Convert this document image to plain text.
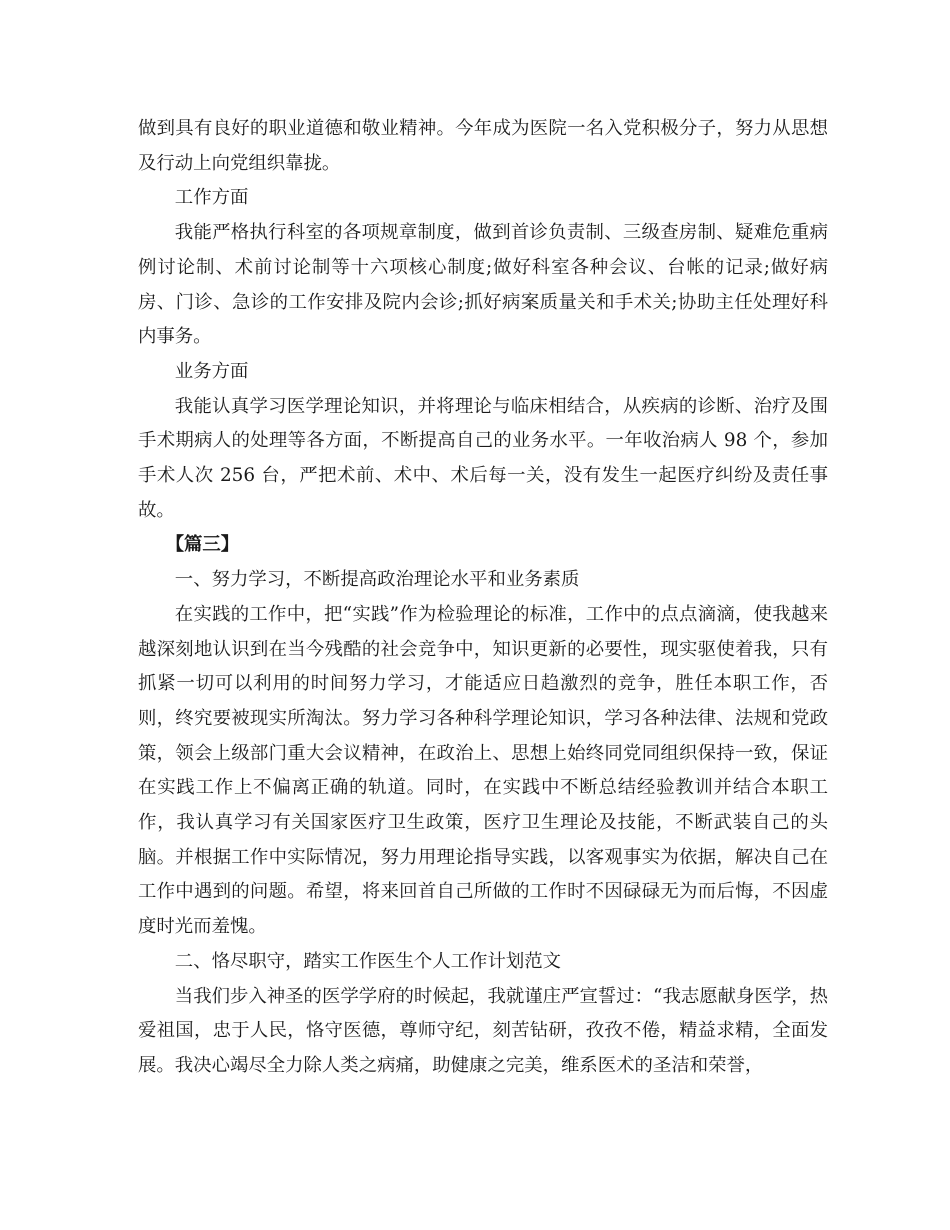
做到具有良好的职业道德和敬业精神。今年成为医院一名入党积极分子，努力从思想及行动上向党组织靠拢。

工作方面

我能严格执行科室的各项规章制度，做到首诊负责制、三级查房制、疑难危重病例讨论制、术前讨论制等十六项核心制度;做好科室各种会议、台帐的记录;做好病房、门诊、急诊的工作安排及院内会诊;抓好病案质量关和手术关;协助主任处理好科内事务。

业务方面

我能认真学习医学理论知识，并将理论与临床相结合，从疾病的诊断、治疗及围手术期病人的处理等各方面，不断提高自己的业务水平。一年收治病人 98 个，参加手术人次 256 台，严把术前、术中、术后每一关，没有发生一起医疗纠纷及责任事故。

【篇三】

一、努力学习，不断提高政治理论水平和业务素质

在实践的工作中，把“实践”作为检验理论的标准，工作中的点点滴滴，使我越来越深刻地认识到在当今残酷的社会竞争中，知识更新的必要性，现实驱使着我，只有抓紧一切可以利用的时间努力学习，才能适应日趋激烈的竞争，胜任本职工作，否则，终究要被现实所淘汰。努力学习各种科学理论知识，学习各种法律、法规和党政策，领会上级部门重大会议精神，在政治上、思想上始终同党同组织保持一致，保证在实践工作上不偏离正确的轨道。同时，在实践中不断总结经验教训并结合本职工作，我认真学习有关国家医疗卫生政策，医疗卫生理论及技能，不断武装自己的头脑。并根据工作中实际情况，努力用理论指导实践，以客观事实为依据，解决自己在工作中遇到的问题。希望，将来回首自己所做的工作时不因碌碌无为而后悔，不因虚度时光而羞愧。

二、恪尽职守，踏实工作医生个人工作计划范文

当我们步入神圣的医学学府的时候起，我就谨庄严宣誓过：“我志愿献身医学，热爱祖国，忠于人民，恪守医德，尊师守纪，刻苦钻研，孜孜不倦，精益求精，全面发展。我决心竭尽全力除人类之病痛，助健康之完美，维系医术的圣洁和荣誉，
